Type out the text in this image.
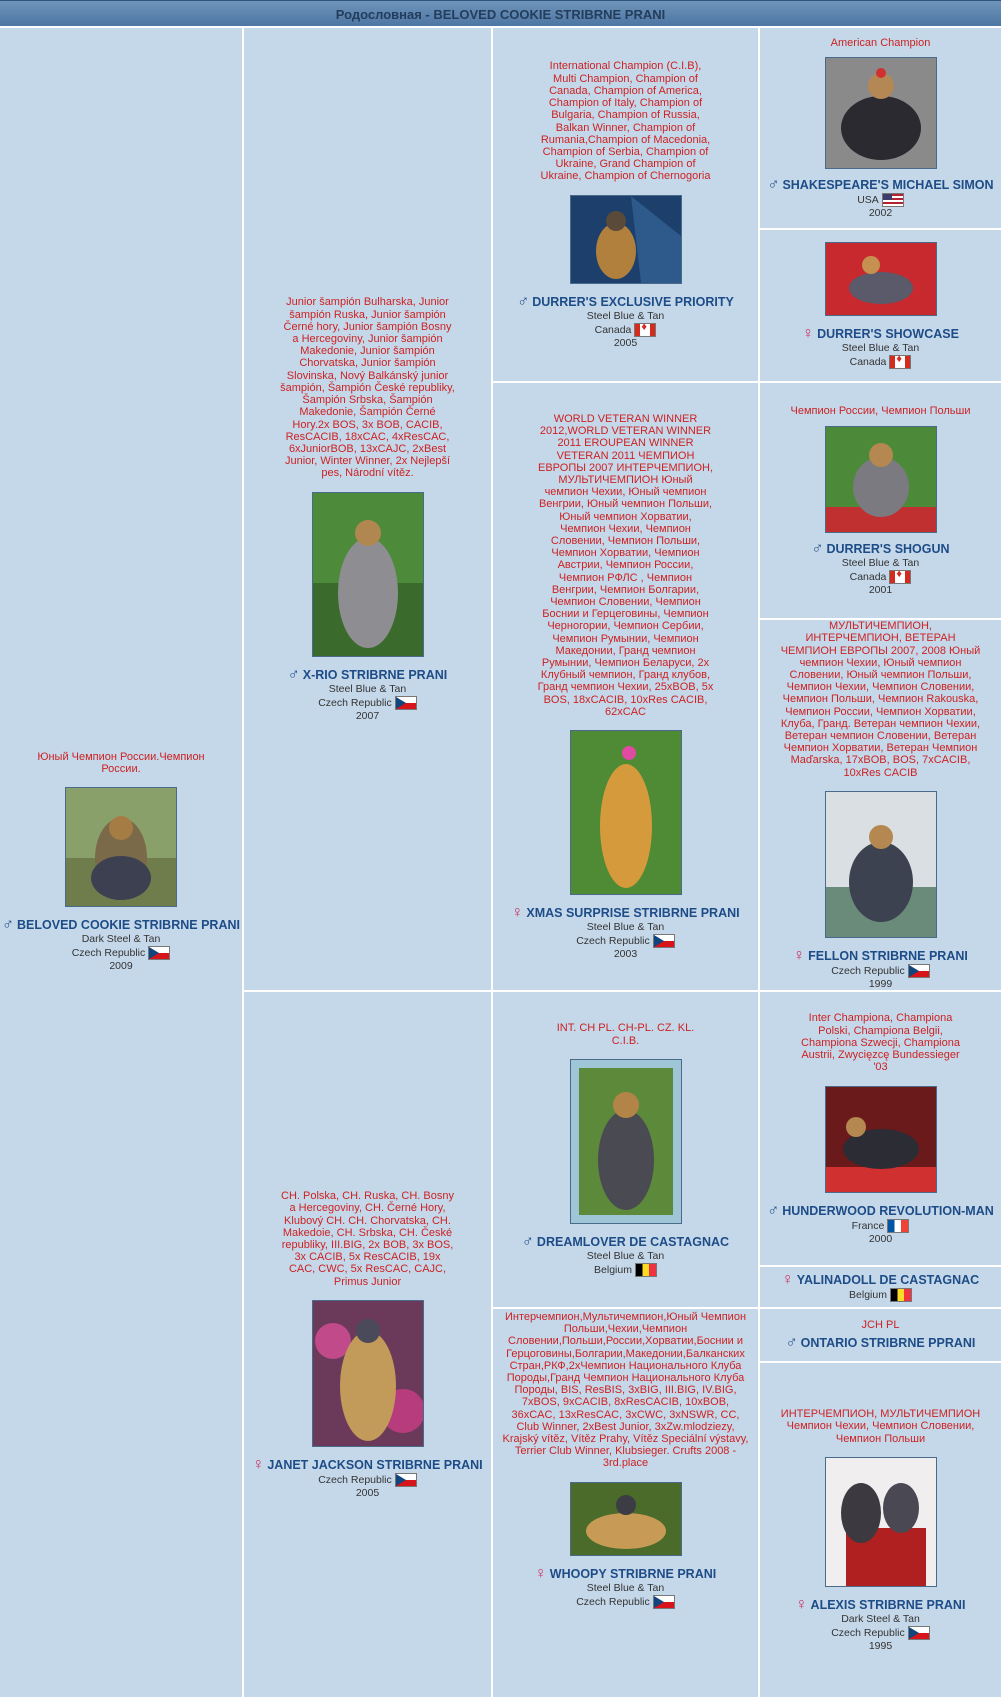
Родословная - BELOVED COOKIE STRIBRNE PRANI
Юный Чемпион России.Чемпион России.
♂ BELOVED COOKIE STRIBRNE PRANI
Dark Steel & Tan
Czech Republic
2009
Junior šampión Bulharska, Junior šampión Ruska, Junior šampión Černé hory, Junior šampión Bosny a Hercegoviny, Junior šampión Makedonie, Junior šampión Chorvatska, Junior šampión Slovinska, Nový Balkánský junior šampión, Šampión České republiky, Šampión Srbska, Šampión Makedonie, Šampión Černé Hory.2x BOS, 3x BOB, CACIB, ResCACIB, 18xCAC, 4xResCAC, 6xJuniorBOB, 13xCAJC, 2xBest Junior, Winter Winner, 2x Nejlepší pes, Národní vítěz.
♂ X-RIO STRIBRNE PRANI
Steel Blue & Tan
Czech Republic
2007
CH. Polska, CH. Ruska, CH. Bosny a Hercegoviny, CH. Černé Hory, Klubový CH. CH. Chorvatska, CH. Makedoie, CH. Srbska, CH. České republiky, III.BIG, 2x BOB, 3x BOS, 3x CACIB, 5x ResCACIB, 19x CAC, CWC, 5x ResCAC, CAJC, Primus Junior
♀ JANET JACKSON STRIBRNE PRANI
Czech Republic
2005
International Champion (C.I.B), Multi Champion, Champion of Canada, Champion of America, Champion of Italy, Champion of Bulgaria, Champion of Russia, Balkan Winner, Champion of Rumania,Champion of Macedonia, Champion of Serbia, Champion of Ukraine, Grand Champion of Ukraine, Champion of Chernogoria
♂ DURRER'S EXCLUSIVE PRIORITY
Steel Blue & Tan
Canada♦
2005
WORLD VETERAN WINNER 2012,WORLD VETERAN WINNER 2011 EROUPEAN WINNER VETERAN 2011 ЧЕМПИОН ЕВРОПЫ 2007 ИНТЕРЧЕМПИОН, МУЛЬТИЧЕМПИОН Юный чемпион Чехии, Юный чемпион Венгрии, Юный чемпион Польши, Юный чемпион Хорватии, Чемпион Чехии, Чемпион Словении, Чемпион Польши, Чемпион Хорватии, Чемпион Австрии, Чемпион России, Чемпион РФЛС , Чемпион Венгрии, Чемпион Болгарии, Чемпион Словении, Чемпион Боснии и Герцеговины, Чемпион Черногории, Чемпион Сербии, Чемпион Румынии, Чемпион Македонии, Гранд чемпион Румынии, Чемпион Беларуси, 2х Клубный чемпион, Гранд клубов, Гранд чемпион Чехии, 25xBOB, 5x BOS, 18xCACIB, 10xRes CACIB, 62xCAC
♀ XMAS SURPRISE STRIBRNE PRANI
Steel Blue & Tan
Czech Republic
2003
INT. CH PL. CH-PL. CZ. KL. C.I.B.
♂ DREAMLOVER DE CASTAGNAC
Steel Blue & Tan
Belgium
Интерчемпион,Мультичемпион,Юный Чемпион Польши,Чехии,Чемпион Словении,Польши,России,Хорватии,Боснии и Герцоговины,Болгарии,Македонии,Балканских Стран,РКФ,2хЧемпион Национального Клуба Породы,Гранд Чемпион Национального Клуба Породы, BIS, ResBIS, 3xBIG, III.BIG, IV.BIG, 7xBOS, 9xCACIB, 8xResCACIB, 10xBOB, 36xCAC, 13xResCAC, 3xCWC, 3xNSWR, CC, Club Winner, 2xBest Junior, 3xZw.mlodziezy, Krajský vítěz, Vítěz Prahy, Vítěz Speciální výstavy, Terrier Club Winner, Klubsieger. Crufts 2008 - 3rd.place
♀ WHOOPY STRIBRNE PRANI
Steel Blue & Tan
Czech Republic
American Champion
♂ SHAKESPEARE'S MICHAEL SIMON
USA
2002
♀ DURRER'S SHOWCASE
Steel Blue & Tan
Canada♦
Чемпион России, Чемпион Польши
♂ DURRER'S SHOGUN
Steel Blue & Tan
Canada♦
2001
МУЛЬТИЧЕМПИОН, ИНТЕРЧЕМПИОН, ВЕТЕРАН ЧЕМПИОН ЕВРОПЫ 2007, 2008 Юный чемпион Чехии, Юный чемпион Словении, Юный чемпион Польши, Чемпион Чехии, Чемпион Словении, Чемпион Польши, Чемпион Rakouska, Чемпион России, Чемпион Хорватии, Клуба, Гранд. Ветеран чемпион Чехии, Ветеран чемпион Словении, Ветеран Чемпион Хорватии, Ветеран Чемпион Maďarska, 17xBOB, BOS, 7xCACIB, 10xRes CACIB
♀ FELLON STRIBRNE PRANI
Czech Republic
1999
Inter Championa, Championa Polski, Championa Belgii, Championa Szwecji, Championa Austrii, Zwycięzcę Bundessieger '03
♂ HUNDERWOOD REVOLUTION-MAN
France
2000
♀ YALINADOLL DE CASTAGNAC
Belgium
JCH PL
♂ ONTARIO STRIBRNE PPRANI
ИНТЕРЧЕМПИОН, МУЛЬТИЧЕМПИОН Чемпион Чехии, Чемпион Словении, Чемпион Польши
♀ ALEXIS STRIBRNE PRANI
Dark Steel & Tan
Czech Republic
1995
